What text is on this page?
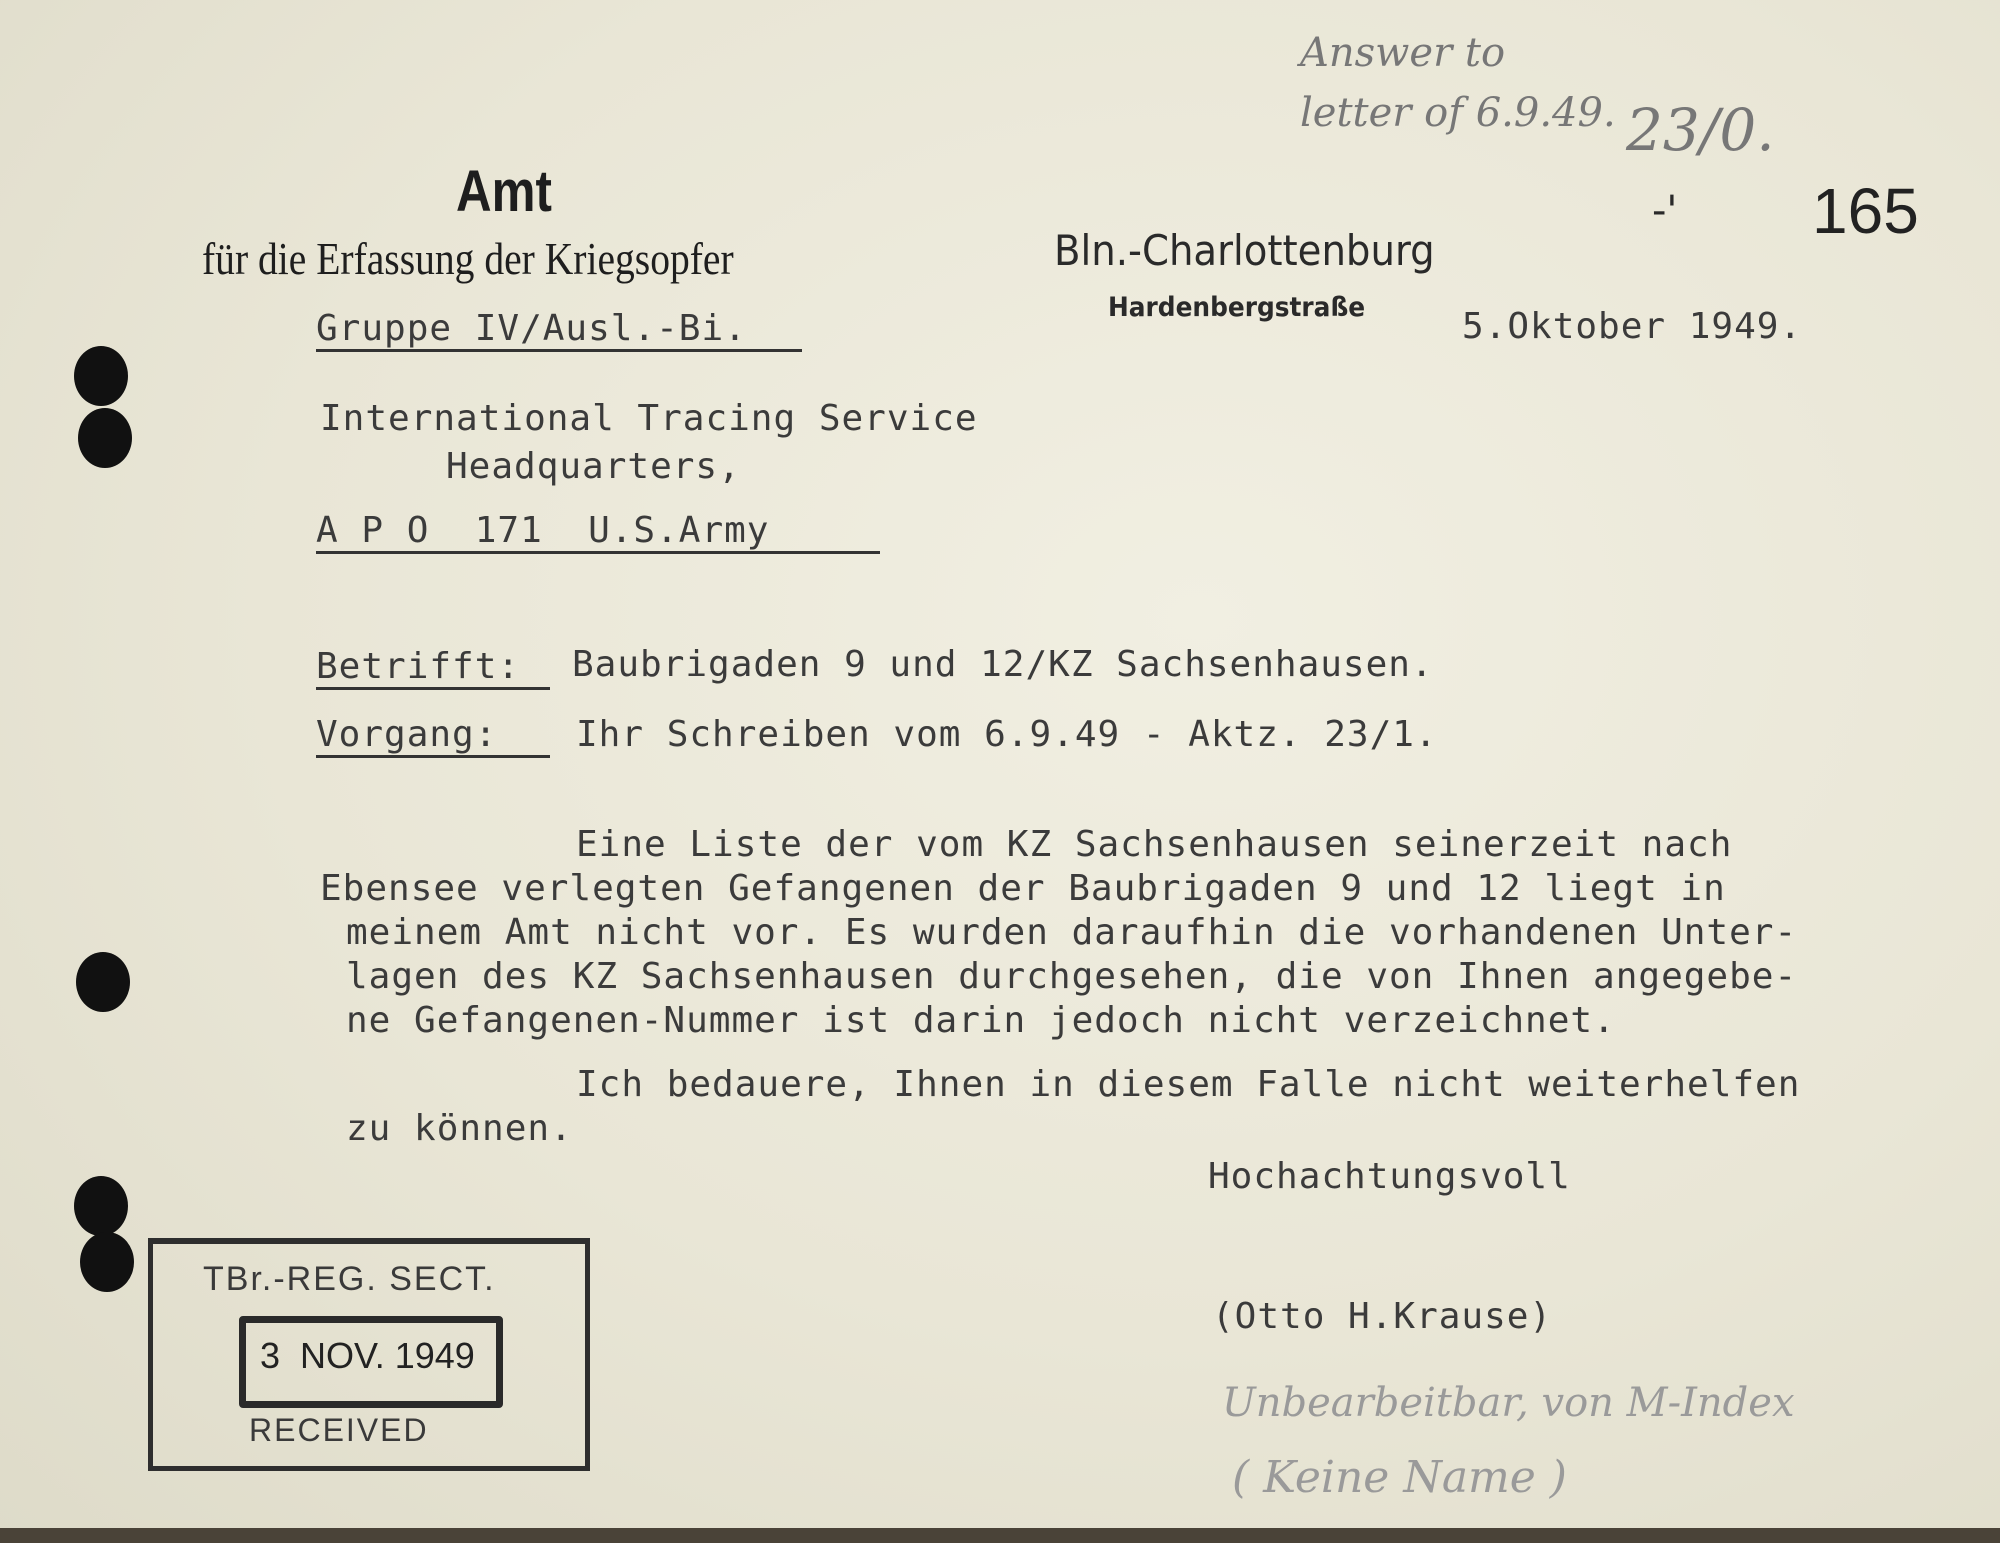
Amt
für die Erfassung der Kriegsopfer
Gruppe IV/Ausl.-Bi.
Bln.-Charlottenburg
Hardenbergstraße	5.Oktober 1949.
165
-'
Answer to
letter of 6.9.49. 23/0.
International Tracing Service
Headquarters,
A P O  171  U.S.Army
Betrifft:	Baubrigaden 9 und 12/KZ Sachsenhausen.
Vorgang:	Ihr Schreiben vom 6.9.49 - Aktz. 23/1.
Eine Liste der vom KZ Sachsenhausen seinerzeit nach
Ebensee verlegten Gefangenen der Baubrigaden 9 und 12 liegt in
meinem Amt nicht vor. Es wurden daraufhin die vorhandenen Unter-
lagen des KZ Sachsenhausen durchgesehen, die von Ihnen angegebe-
ne Gefangenen-Nummer ist darin jedoch nicht verzeichnet.
Ich bedauere, Ihnen in diesem Falle nicht weiterhelfen
zu können.
Hochachtungsvoll
(Otto H.Krause)
Unbearbeitbar, von M-Index
( Keine Name )
TBr.-REG. SECT.
3  NOV. 1949
RECEIVED
